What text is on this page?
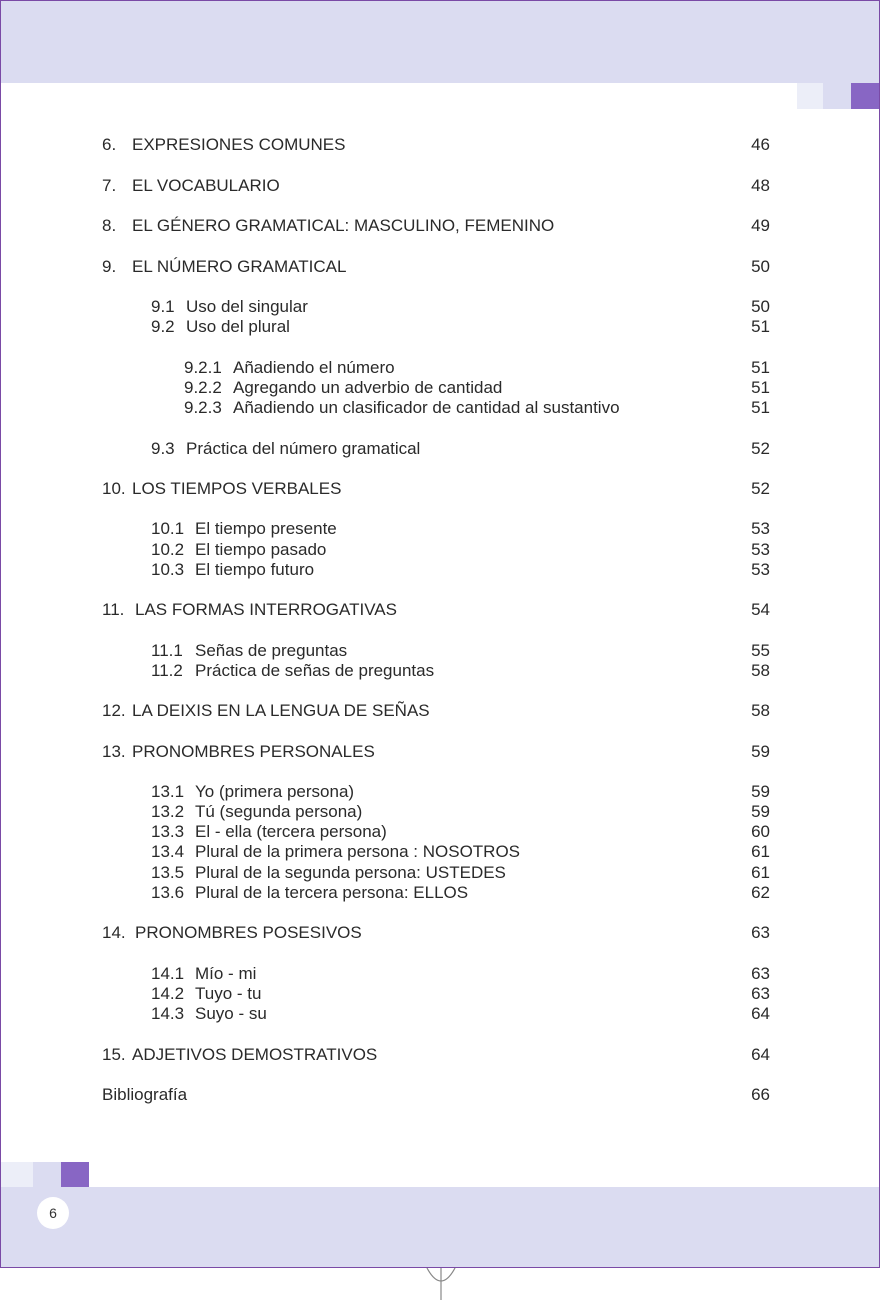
6. EXPRESIONES COMUNES	46
7. EL VOCABULARIO	48
8. EL GÉNERO GRAMATICAL: MASCULINO, FEMENINO	49
9. EL NÚMERO GRAMATICAL	50
9.1 Uso del singular	50
9.2 Uso del plural	51
9.2.1 Añadiendo el número	51
9.2.2 Agregando un adverbio de cantidad	51
9.2.3 Añadiendo un clasificador de cantidad al sustantivo	51
9.3 Práctica del número gramatical	52
10. LOS TIEMPOS VERBALES	52
10.1 El tiempo presente	53
10.2 El tiempo pasado	53
10.3 El tiempo futuro	53
11. LAS FORMAS INTERROGATIVAS	54
11.1 Señas de preguntas	55
11.2 Práctica de señas de preguntas	58
12. LA DEIXIS EN LA LENGUA DE SEÑAS	58
13. PRONOMBRES PERSONALES	59
13.1 Yo (primera persona)	59
13.2 Tú (segunda persona)	59
13.3 El - ella (tercera persona)	60
13.4 Plural de la primera persona : NOSOTROS	61
13.5 Plural de la segunda persona: USTEDES	61
13.6 Plural de la tercera persona: ELLOS	62
14. PRONOMBRES POSESIVOS	63
14.1 Mío - mi	63
14.2 Tuyo - tu	63
14.3 Suyo - su	64
15. ADJETIVOS DEMOSTRATIVOS	64
Bibliografía	66
6
